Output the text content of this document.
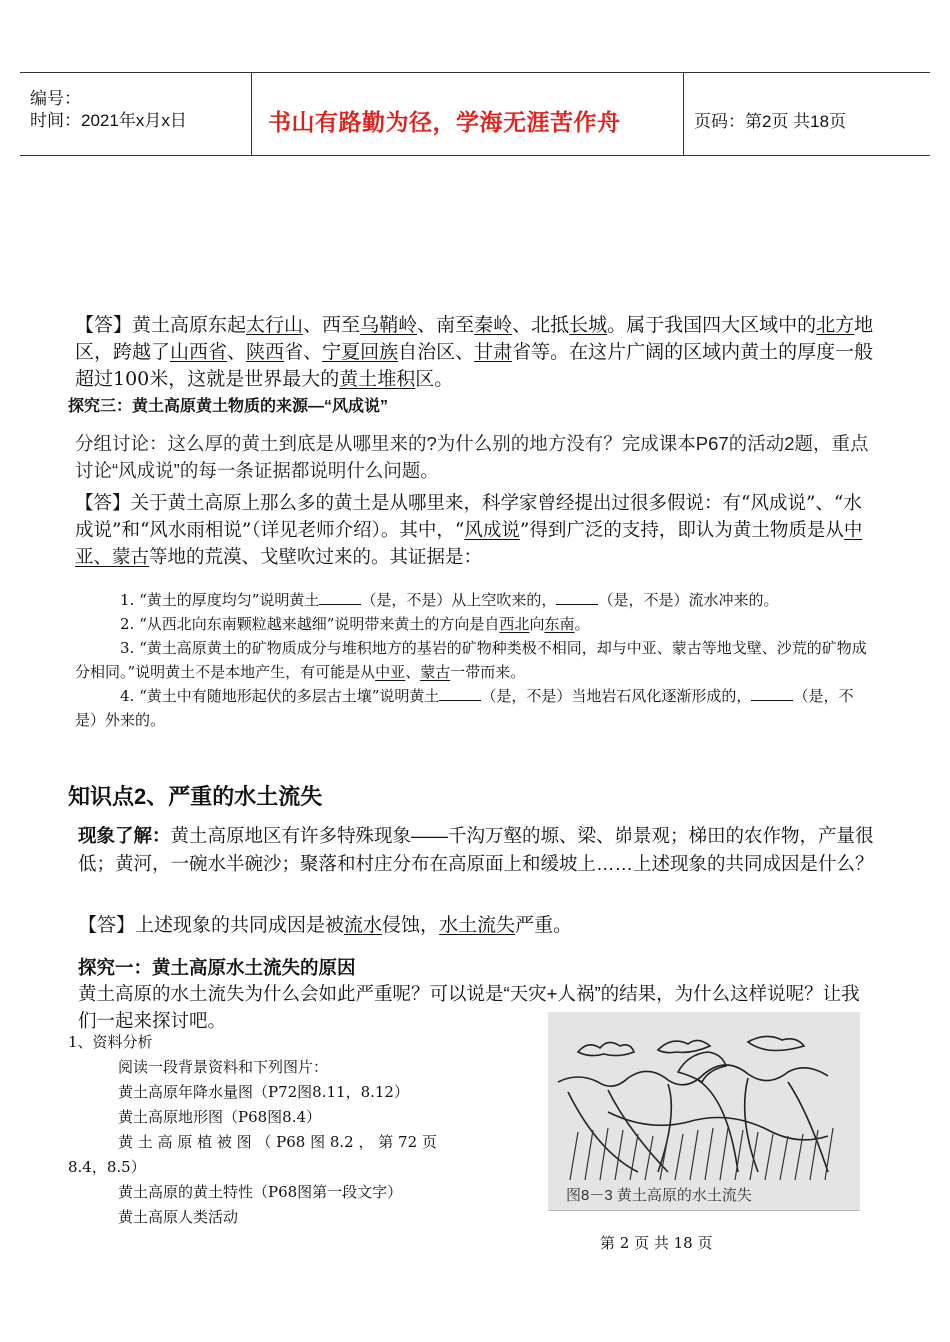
编号：
时间：2021年x月x日	书山有路勤为径，学海无涯苦作舟	页码：第2页 共18页
【答】黄土高原东起太行山、西至乌鞘岭、南至秦岭、北抵长城。属于我国四大区域中的北方地区，跨越了山西省、陕西省、宁夏回族自治区、甘肃省等。在这片广阔的区域内黄土的厚度一般超过100米，这就是世界最大的黄土堆积区。
探究三：黄土高原黄土物质的来源—“风成说”
分组讨论：这么厚的黄土到底是从哪里来的?为什么别的地方没有？完成课本P67的活动2题，重点讨论“风成说”的每一条证据都说明什么问题。
【答】关于黄土高原上那么多的黄土是从哪里来，科学家曾经提出过很多假说：有“风成说”、“水成说”和“风水雨相说”（详见老师介绍）。其中，“风成说”得到广泛的支持，即认为黄土物质是从中亚、蒙古等地的荒漠、戈壁吹过来的。其证据是：

1. “黄土的厚度均匀”说明黄土	（是，不是）从上空吹来的，	（是，不是）流水冲来的。

2. “从西北向东南颗粒越来越细”说明带来黄土的方向是自西北向东南。

3. “黄土高原黄土的矿物质成分与堆积地方的基岩的矿物种类极不相同，却与中亚、蒙古等地戈壁、沙荒的矿物成分相同。”说明黄土不是本地产生，有可能是从中亚、蒙古一带而来。

4. “黄土中有随地形起伏的多层古土壤”说明黄土	（是，不是）当地岩石风化逐渐形成的，	（是，不是）外来的。

知识点2、严重的水土流失
现象了解：黄土高原地区有许多特殊现象——千沟万壑的塬、梁、峁景观；梯田的农作物，产量很低；黄河，一碗水半碗沙；聚落和村庄分布在高原面上和缓坡上……上述现象的共同成因是什么？
【答】上述现象的共同成因是被流水侵蚀，水土流失严重。
探究一：黄土高原水土流失的原因
黄土高原的水土流失为什么会如此严重呢？可以说是“天灾+人祸”的结果，为什么这样说呢？让我们一起来探讨吧。

1、资料分析

阅读一段背景资料和下列图片：

黄土高原年降水量图（P72图8.11，8.12）

黄土高原地形图（P68图8.4）

黄 土 高 原 植 被 图 （ P68 图 8.2 ， 第 72 页

8.4，8.5）

黄土高原的黄土特性（P68图第一段文字）

黄土高原人类活动

图8－3 黄土高原的水土流失
第 2 页 共 18 页
